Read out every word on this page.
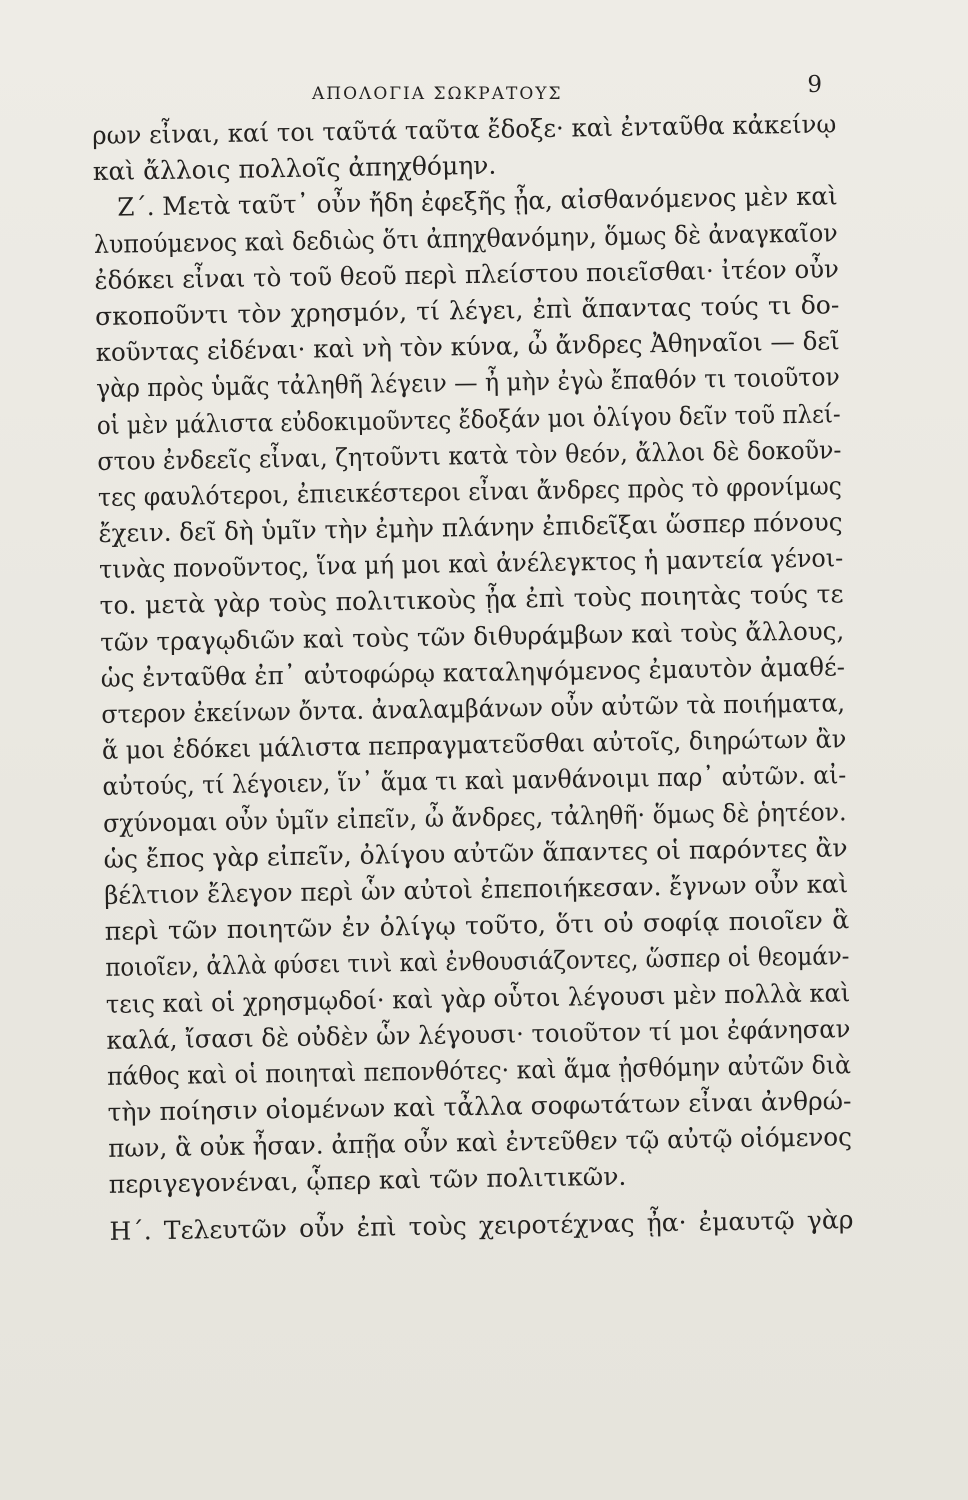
ΑΠΟΛΟΓΙΑ ΣΩΚΡΑΤΟΥΣ	9
ρων εἶναι, καί τοι ταῦτά ταῦτα ἔδοξε· καὶ ἐνταῦθα κἀκείνῳ
καὶ ἄλλοις πολλοῖς ἀπηχθόμην.
Ζ΄. Μετὰ ταῦτ᾽ οὖν ἤδη ἐφεξῆς ᾖα, αἰσθανόμενος μὲν καὶ
λυπούμενος καὶ δεδιὼς ὅτι ἀπηχθανόμην, ὅμως δὲ ἀναγκαῖον
ἐδόκει εἶναι τὸ τοῦ θεοῦ περὶ πλείστου ποιεῖσθαι· ἰτέον οὖν
σκοποῦντι τὸν χρησμόν, τί λέγει, ἐπὶ ἅπαντας τούς τι δο-
κοῦντας εἰδέναι· καὶ νὴ τὸν κύνα, ὦ ἄνδρες Ἀθηναῖοι — δεῖ
γὰρ πρὸς ὑμᾶς τἀληθῆ λέγειν — ἦ μὴν ἐγὼ ἔπαθόν τι τοιοῦτον
οἱ μὲν μάλιστα εὐδοκιμοῦντες ἔδοξάν μοι ὀλίγου δεῖν τοῦ πλεί-
στου ἐνδεεῖς εἶναι, ζητοῦντι κατὰ τὸν θεόν, ἄλλοι δὲ δοκοῦν-
τες φαυλότεροι, ἐπιεικέστεροι εἶναι ἄνδρες πρὸς τὸ φρονίμως
ἔχειν. δεῖ δὴ ὑμῖν τὴν ἐμὴν πλάνην ἐπιδεῖξαι ὥσπερ πόνους
τινὰς πονοῦντος, ἵνα μή μοι καὶ ἀνέλεγκτος ἡ μαντεία γένοι-
το. μετὰ γὰρ τοὺς πολιτικοὺς ᾖα ἐπὶ τοὺς ποιητὰς τούς τε
τῶν τραγῳδιῶν καὶ τοὺς τῶν διθυράμβων καὶ τοὺς ἄλλους,
ὡς ἐνταῦθα ἐπ᾽ αὐτοφώρῳ καταληψόμενος ἐμαυτὸν ἀμαθέ-
στερον ἐκείνων ὄντα. ἀναλαμβάνων οὖν αὐτῶν τὰ ποιήματα,
ἅ μοι ἐδόκει μάλιστα πεπραγματεῦσθαι αὐτοῖς, διηρώτων ἂν
αὐτούς, τί λέγοιεν, ἵν᾽ ἅμα τι καὶ μανθάνοιμι παρ᾽ αὐτῶν. αἰ-
σχύνομαι οὖν ὑμῖν εἰπεῖν, ὦ ἄνδρες, τἀληθῆ· ὅμως δὲ ῥητέον.
ὡς ἔπος γὰρ εἰπεῖν, ὀλίγου αὐτῶν ἅπαντες οἱ παρόντες ἂν
βέλτιον ἔλεγον περὶ ὧν αὐτοὶ ἐπεποιήκεσαν. ἔγνων οὖν καὶ
περὶ τῶν ποιητῶν ἐν ὀλίγῳ τοῦτο, ὅτι οὐ σοφίᾳ ποιοῖεν ἃ
ποιοῖεν, ἀλλὰ φύσει τινὶ καὶ ἐνθουσιάζοντες, ὥσπερ οἱ θεομάν-
τεις καὶ οἱ χρησμῳδοί· καὶ γὰρ οὗτοι λέγουσι μὲν πολλὰ καὶ
καλά, ἴσασι δὲ οὐδὲν ὧν λέγουσι· τοιοῦτον τί μοι ἐφάνησαν
πάθος καὶ οἱ ποιηταὶ πεπονθότες· καὶ ἅμα ᾐσθόμην αὐτῶν διὰ
τὴν ποίησιν οἰομένων καὶ τἆλλα σοφωτάτων εἶναι ἀνθρώ-
πων, ἃ οὐκ ἦσαν. ἀπῇα οὖν καὶ ἐντεῦθεν τῷ αὐτῷ οἰόμενος
περιγεγονέναι, ᾧπερ καὶ τῶν πολιτικῶν.
Η΄. Τελευτῶν οὖν ἐπὶ τοὺς χειροτέχνας ᾖα· ἐμαυτῷ γὰρ
